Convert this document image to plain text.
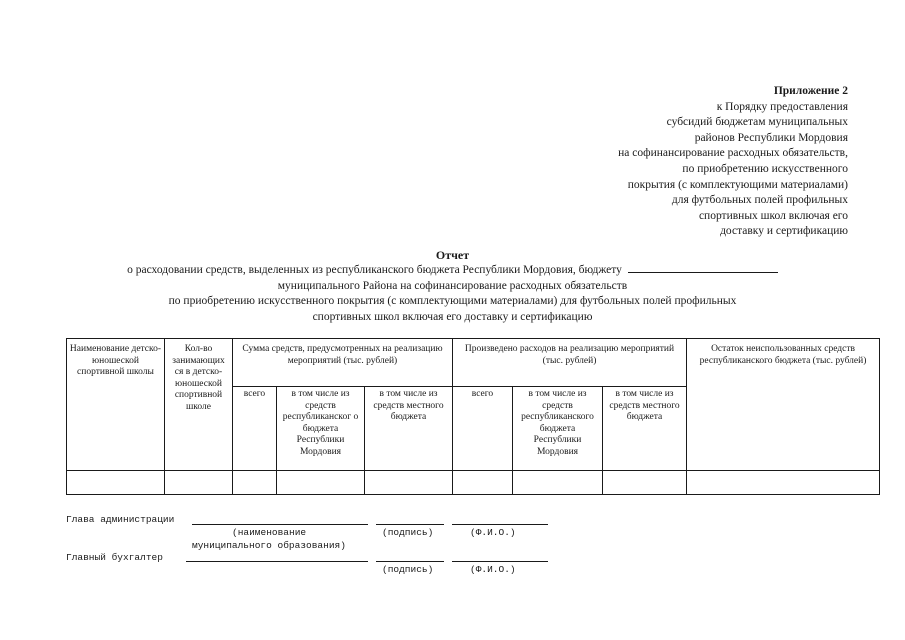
Приложение 2
к Порядку предоставления
субсидий бюджетам муниципальных
районов Республики Мордовия
на софинансирование расходных обязательств,
по приобретению искусственного
покрытия (с комплектующими материалами)
для футбольных полей профильных
спортивных школ включая его
доставку и сертификацию
Отчет
о расходовании средств, выделенных из республиканского бюджета Республики Мордовия, бюджету
муниципального Района на софинансирование расходных обязательств
по приобретению искусственного покрытия (с комплектующими материалами) для футбольных полей профильных
спортивных школ включая его доставку и сертификацию
Наименование детско-юношеской спортивной школы	Кол-во занимающих ся в детско-юношеской спортивной школе	Сумма средств, предусмотренных на реализацию мероприятий (тыс. рублей)			Произведено расходов на реализацию мероприятий (тыс. рублей)			Остаток неиспользованных средств республиканского бюджета (тыс. рублей)
		всего	в том числе из средств республиканског о бюджета Республики Мордовия	в том числе из средств местного бюджета	всего	в том числе из средств республиканского бюджета Республики Мордовия	в том числе из средств местного бюджета	

Глава администрации
(наименование	(подпись)	(Ф.И.О.)
муниципального образования)
Главный бухгалтер
(подпись)	(Ф.И.О.)
